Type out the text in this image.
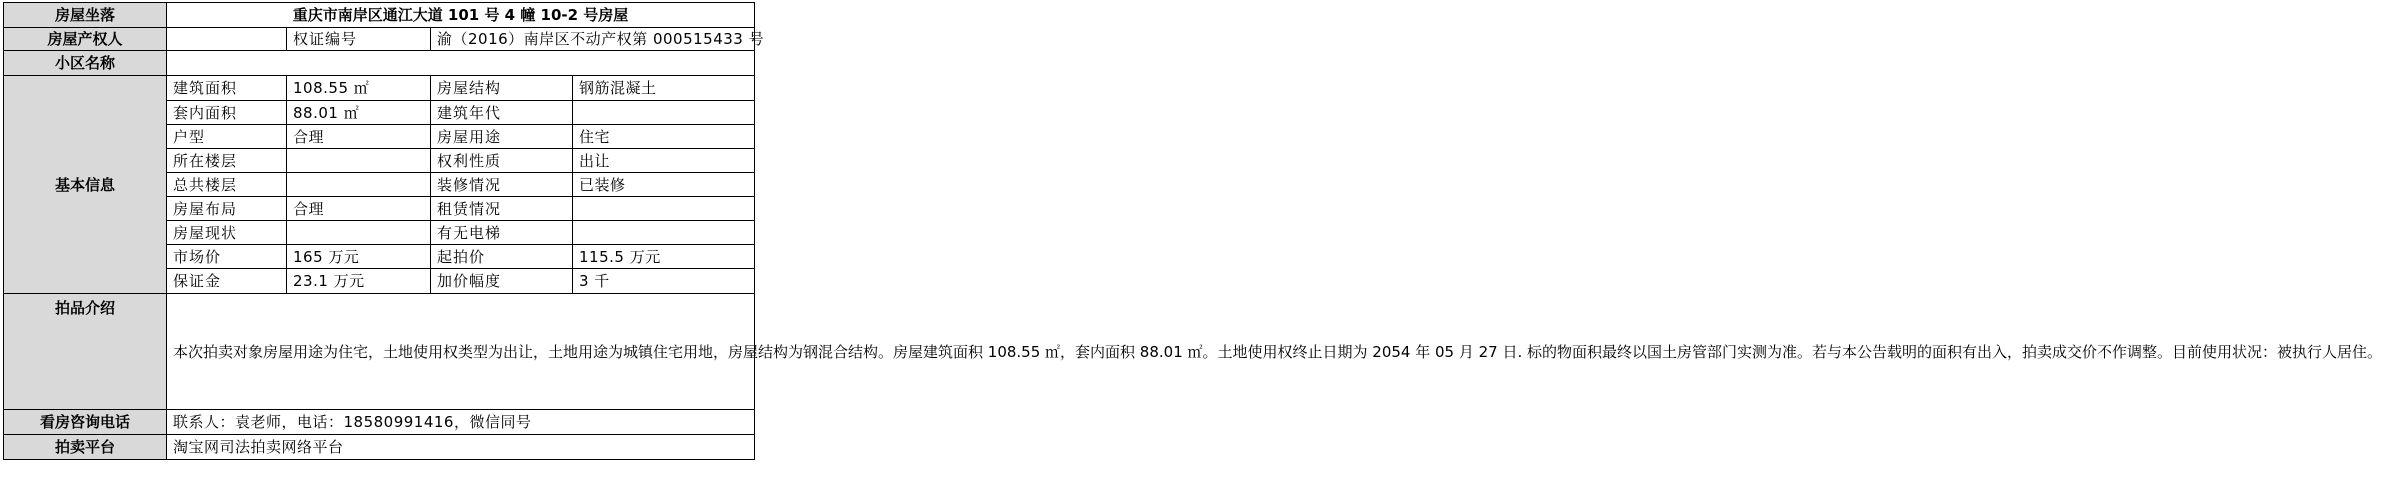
房屋坐落	重庆市南岸区通江大道 101 号 4 幢 10-2 号房屋			
房屋产权人		权证编号	渝（2016）南岸区不动产权第 000515433 号	
小区名称				
基本信息	建筑面积	108.55 ㎡	房屋结构	钢筋混凝土
	套内面积	88.01 ㎡	建筑年代	
	户型	合理	房屋用途	住宅
	所在楼层		权利性质	出让
	总共楼层		装修情况	已装修
	房屋布局	合理	租赁情况	
	房屋现状		有无电梯	
	市场价	165 万元	起拍价	115.5 万元
	保证金	23.1 万元	加价幅度	3 千
拍品介绍	本次拍卖对象房屋用途为住宅，土地使用权类型为出让，土地用途为城镇住宅用地，房屋结构为钢混合结构。房屋建筑面积 108.55 ㎡，套内面积 88.01 ㎡。土地使用权终止日期为 2054 年 05 月 27 日. 标的物面积最终以国土房管部门实测为准。若与本公告载明的面积有出入，拍卖成交价不作调整。目前使用状况：被执行人居住。			
看房咨询电话	联系人：袁老师，电话：18580991416，微信同号			
拍卖平台	淘宝网司法拍卖网络平台			
